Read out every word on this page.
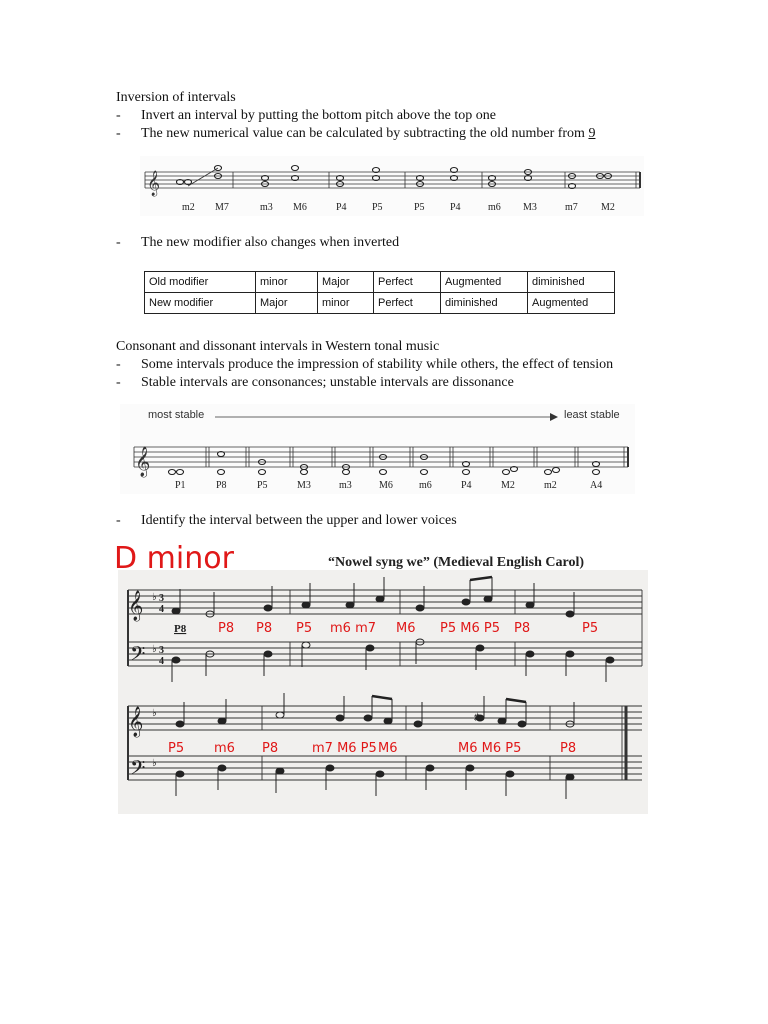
Inversion of intervals
- Invert an interval by putting the bottom pitch above the top one
- The new numerical value can be calculated by subtracting the old number from 9
𝄞
m2 M7	m3 M6	P4	P5	P5	P4	m6 M3	m7 M2
- The new modifier also changes when inverted
Old modifier	minor	Major	Perfect	Augmented	diminished
New modifier	Major	minor	Perfect	diminished	Augmented
Consonant and dissonant intervals in Western tonal music
- Some intervals produce the impression of stability while others, the effect of tension
- Stable intervals are consonances; unstable intervals are dissonance
most stable	least stable
𝄞
P1	P8	P5	M3	m3	M6	m6	P4	M2	m2	A4
- Identify the interval between the upper and lower voices
D minor	“Nowel syng we” (Medieval English Carol)
𝄞
𝄢
♭
♭
3
4
3
4
P8 P8 P8 P5 m6 m7 M6 P5 M6 P5 P8	P5
𝄞
𝄢
♭
♭
♯
P5 m6 P8	m7 M6 P5 M6	M6 M6 P5	P8
